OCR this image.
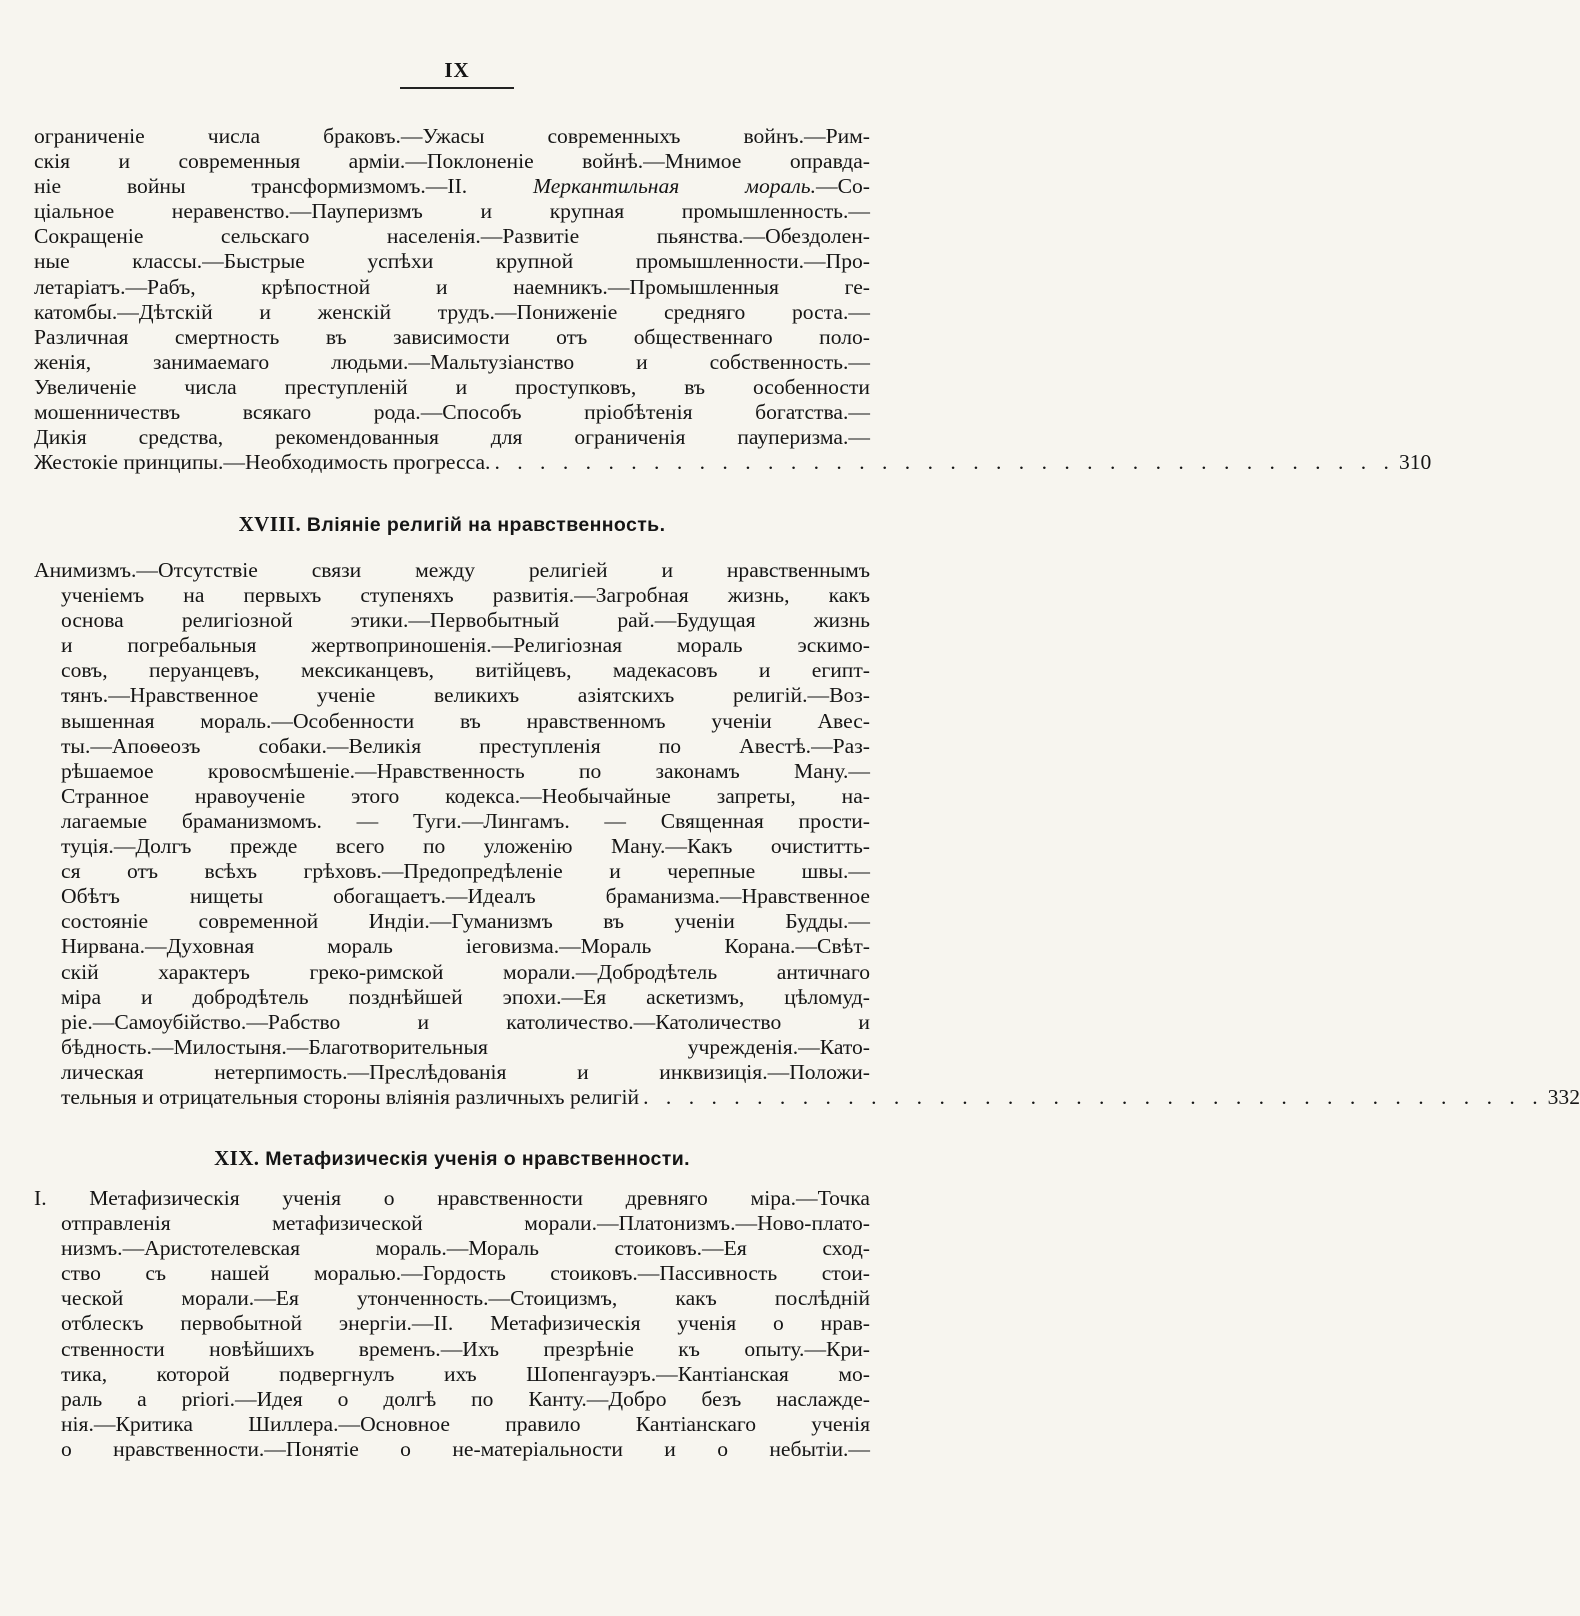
IX
ограниченіе числа браковъ.—Ужасы современныхъ войнъ.—Рим-
скія и современныя арміи.—Поклоненіе войнѣ.—Мнимое оправда-
ніе войны трансформизмомъ.—II. Меркантильная мораль.—Со-
ціальное неравенство.—Пауперизмъ и крупная промышленность.—
Сокращеніе сельскаго населенія.—Развитіе пьянства.—Обездолен-
ные классы.—Быстрые успѣхи крупной промышленности.—Про-
летаріатъ.—Рабъ, крѣпостной и наемникъ.—Промышленныя ге-
катомбы.—Дѣтскій и женскій трудъ.—Пониженіе средняго роста.—
Различная смертность въ зависимости отъ общественнаго поло-
женія, занимаемаго людьми.—Мальтузіанство и собственность.—
Увеличеніе числа преступленій и проступковъ, въ особенности
мошенничествъ всякаго рода.—Способъ пріобѣтенія богатства.—
Дикія средства, рекомендованныя для ограниченія пауперизма.—
Жестокіе принципы.—Необходимость прогресса. . . . . . . . . . . . . . . . . . . . . . . . . . . . . . . . . . . . . . . . . 310
XVIII. Вліяніе религій на нравственность.
Анимизмъ.—Отсутствіе связи между религіей и нравственнымъ
ученіемъ на первыхъ ступеняхъ развитія.—Загробная жизнь, какъ
основа религіозной этики.—Первобытный рай.—Будущая жизнь
и погребальныя жертвоприношенія.—Религіозная мораль эскимо-
совъ, перуанцевъ, мексиканцевъ, витійцевъ, мадекасовъ и египт-
тянъ.—Нравственное ученіе великихъ азіятскихъ религій.—Воз-
вышенная мораль.—Особенности въ нравственномъ ученіи Авес-
ты.—Апоѳеозъ собаки.—Великія преступленія по Авестѣ.—Раз-
рѣшаемое кровосмѣшеніе.—Нравственность по законамъ Ману.—
Странное нравоученіе этого кодекса.—Необычайные запреты, на-
лагаемые браманизмомъ. — Туги.—Лингамъ. — Священная прости-
туція.—Долгъ прежде всего по уложенію Ману.—Какъ очиститть-
ся отъ всѣхъ грѣховъ.—Предопредѣленіе и черепные швы.—
Обѣтъ нищеты обогащаетъ.—Идеалъ браманизма.—Нравственное
состояніе современной Индіи.—Гуманизмъ въ ученіи Будды.—
Нирвана.—Духовная мораль іеговизма.—Мораль Корана.—Свѣт-
скій характеръ греко-римской морали.—Добродѣтель античнаго
міра и добродѣтель позднѣйшей эпохи.—Ея аскетизмъ, цѣломуд-
ріе.—Самоубійство.—Рабство и католичество.—Католичество и
бѣдность.—Милостыня.—Благотворительныя учрежденія.—Като-
лическая нетерпимость.—Преслѣдованія и инквизиція.—Положи-
тельныя и отрицательныя стороны вліянія различныхъ религій . . . . . . . . . . . . . . . . . . . . . . . . . . . . . . . . . . . . . . . . 332
XIX. Метафизическія ученія о нравственности.
I. Метафизическія ученія о нравственности древняго міра.—Точка
отправленія метафизической морали.—Платонизмъ.—Ново-плато-
низмъ.—Аристотелевская мораль.—Мораль стоиковъ.—Ея сход-
ство съ нашей моралью.—Гордость стоиковъ.—Пассивность стои-
ческой морали.—Ея утонченность.—Стоицизмъ, какъ послѣдній
отблескъ первобытной энергіи.—II. Метафизическія ученія о нрав-
ственности новѣйшихъ временъ.—Ихъ презрѣніе къ опыту.—Кри-
тика, которой подвергнулъ ихъ Шопенгауэръ.—Кантіанская мо-
раль a priori.—Идея о долгѣ по Канту.—Добро безъ наслажде-
нія.—Критика Шиллера.—Основное правило Кантіанскаго ученія
о нравственности.—Понятіе о не-матеріальности и о небытіи.—
